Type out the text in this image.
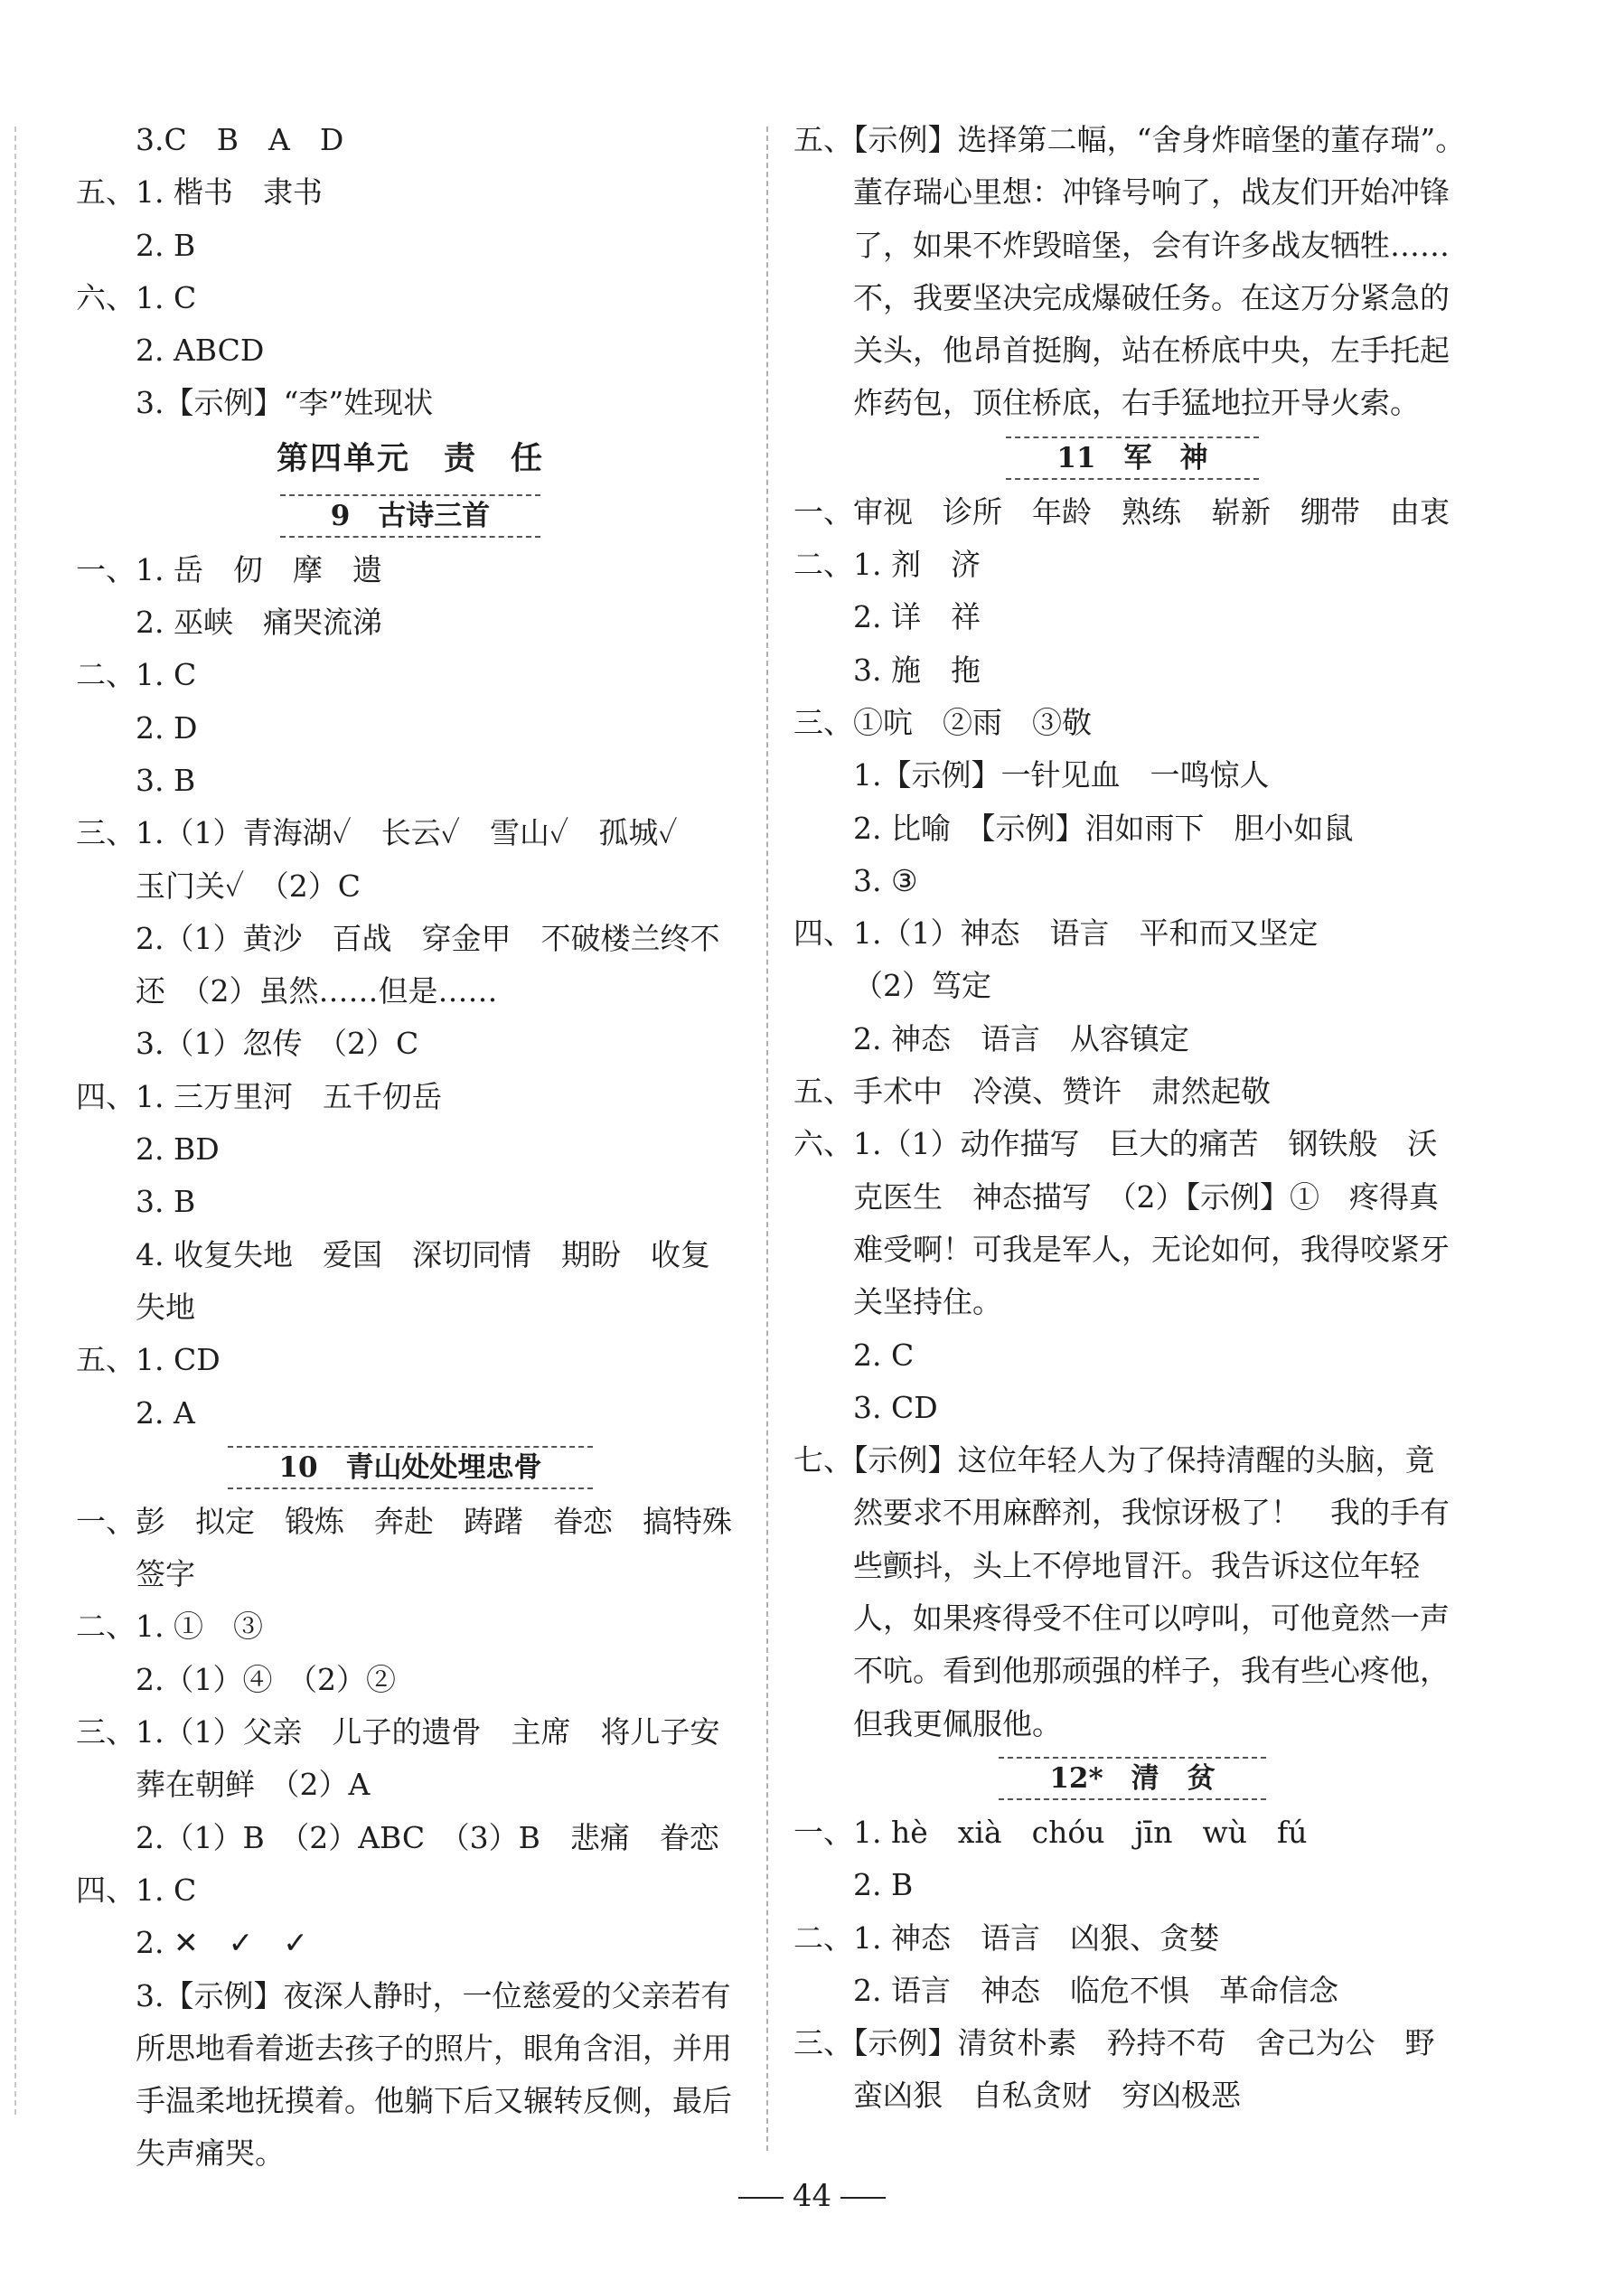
3.C　B　A　D
五、1. 楷书　隶书
2. B
六、1. C
2. ABCD
3.【示例】“李”姓现状
第四单元　责　任
9　古诗三首
一、1. 岳　仞　摩　遗
2. 巫峡　痛哭流涕
二、1. C
2. D
3. B
三、1.（1）青海湖✓　长云✓　雪山✓　孤城✓
玉门关✓　（2）C
2.（1）黄沙　百战　穿金甲　不破楼兰终不
还　（2）虽然……但是……
3.（1）忽传　（2）C
四、1. 三万里河　五千仞岳
2. BD
3. B
4. 收复失地　爱国　深切同情　期盼　收复
失地
五、1. CD
2. A
10　青山处处埋忠骨
一、彭　拟定　锻炼　奔赴　踌躇　眷恋　搞特殊
签字
二、1. ①　③
2.（1）④　（2）②
三、1.（1）父亲　儿子的遗骨　主席　将儿子安
葬在朝鲜　（2）A
2.（1）B　（2）ABC　（3）B　悲痛　眷恋
四、1. C
2. ✕　✓　✓
3.【示例】夜深人静时，一位慈爱的父亲若有
所思地看着逝去孩子的照片，眼角含泪，并用
手温柔地抚摸着。他躺下后又辗转反侧，最后
失声痛哭。
五、【示例】选择第二幅，“舍身炸暗堡的董存瑞”。
董存瑞心里想：冲锋号响了，战友们开始冲锋
了，如果不炸毁暗堡，会有许多战友牺牲……
不，我要坚决完成爆破任务。在这万分紧急的
关头，他昂首挺胸，站在桥底中央，左手托起
炸药包，顶住桥底，右手猛地拉开导火索。
11　军　神
一、审视　诊所　年龄　熟练　崭新　绷带　由衷
二、1. 剂　济
2. 详　祥
3. 施　拖
三、①吭　②雨　③敬
1.【示例】一针见血　一鸣惊人
2. 比喻　【示例】泪如雨下　胆小如鼠
3. ③
四、1.（1）神态　语言　平和而又坚定
（2）笃定
2. 神态　语言　从容镇定
五、手术中　冷漠、赞许　肃然起敬
六、1.（1）动作描写　巨大的痛苦　钢铁般　沃
克医生　神态描写　（2）【示例】①　疼得真
难受啊！可我是军人，无论如何，我得咬紧牙
关坚持住。
2. C
3. CD
七、【示例】这位年轻人为了保持清醒的头脑，竟
然要求不用麻醉剂，我惊讶极了！　我的手有
些颤抖，头上不停地冒汗。我告诉这位年轻
人，如果疼得受不住可以哼叫，可他竟然一声
不吭。看到他那顽强的样子，我有些心疼他，
但我更佩服他。
12*　清　贫
一、1. hè　xià　chóu　jīn　wù　fú
2. B
二、1. 神态　语言　凶狠、贪婪
2. 语言　神态　临危不惧　革命信念
三、【示例】清贫朴素　矜持不苟　舍己为公　野
蛮凶狠　自私贪财　穷凶极恶
44
